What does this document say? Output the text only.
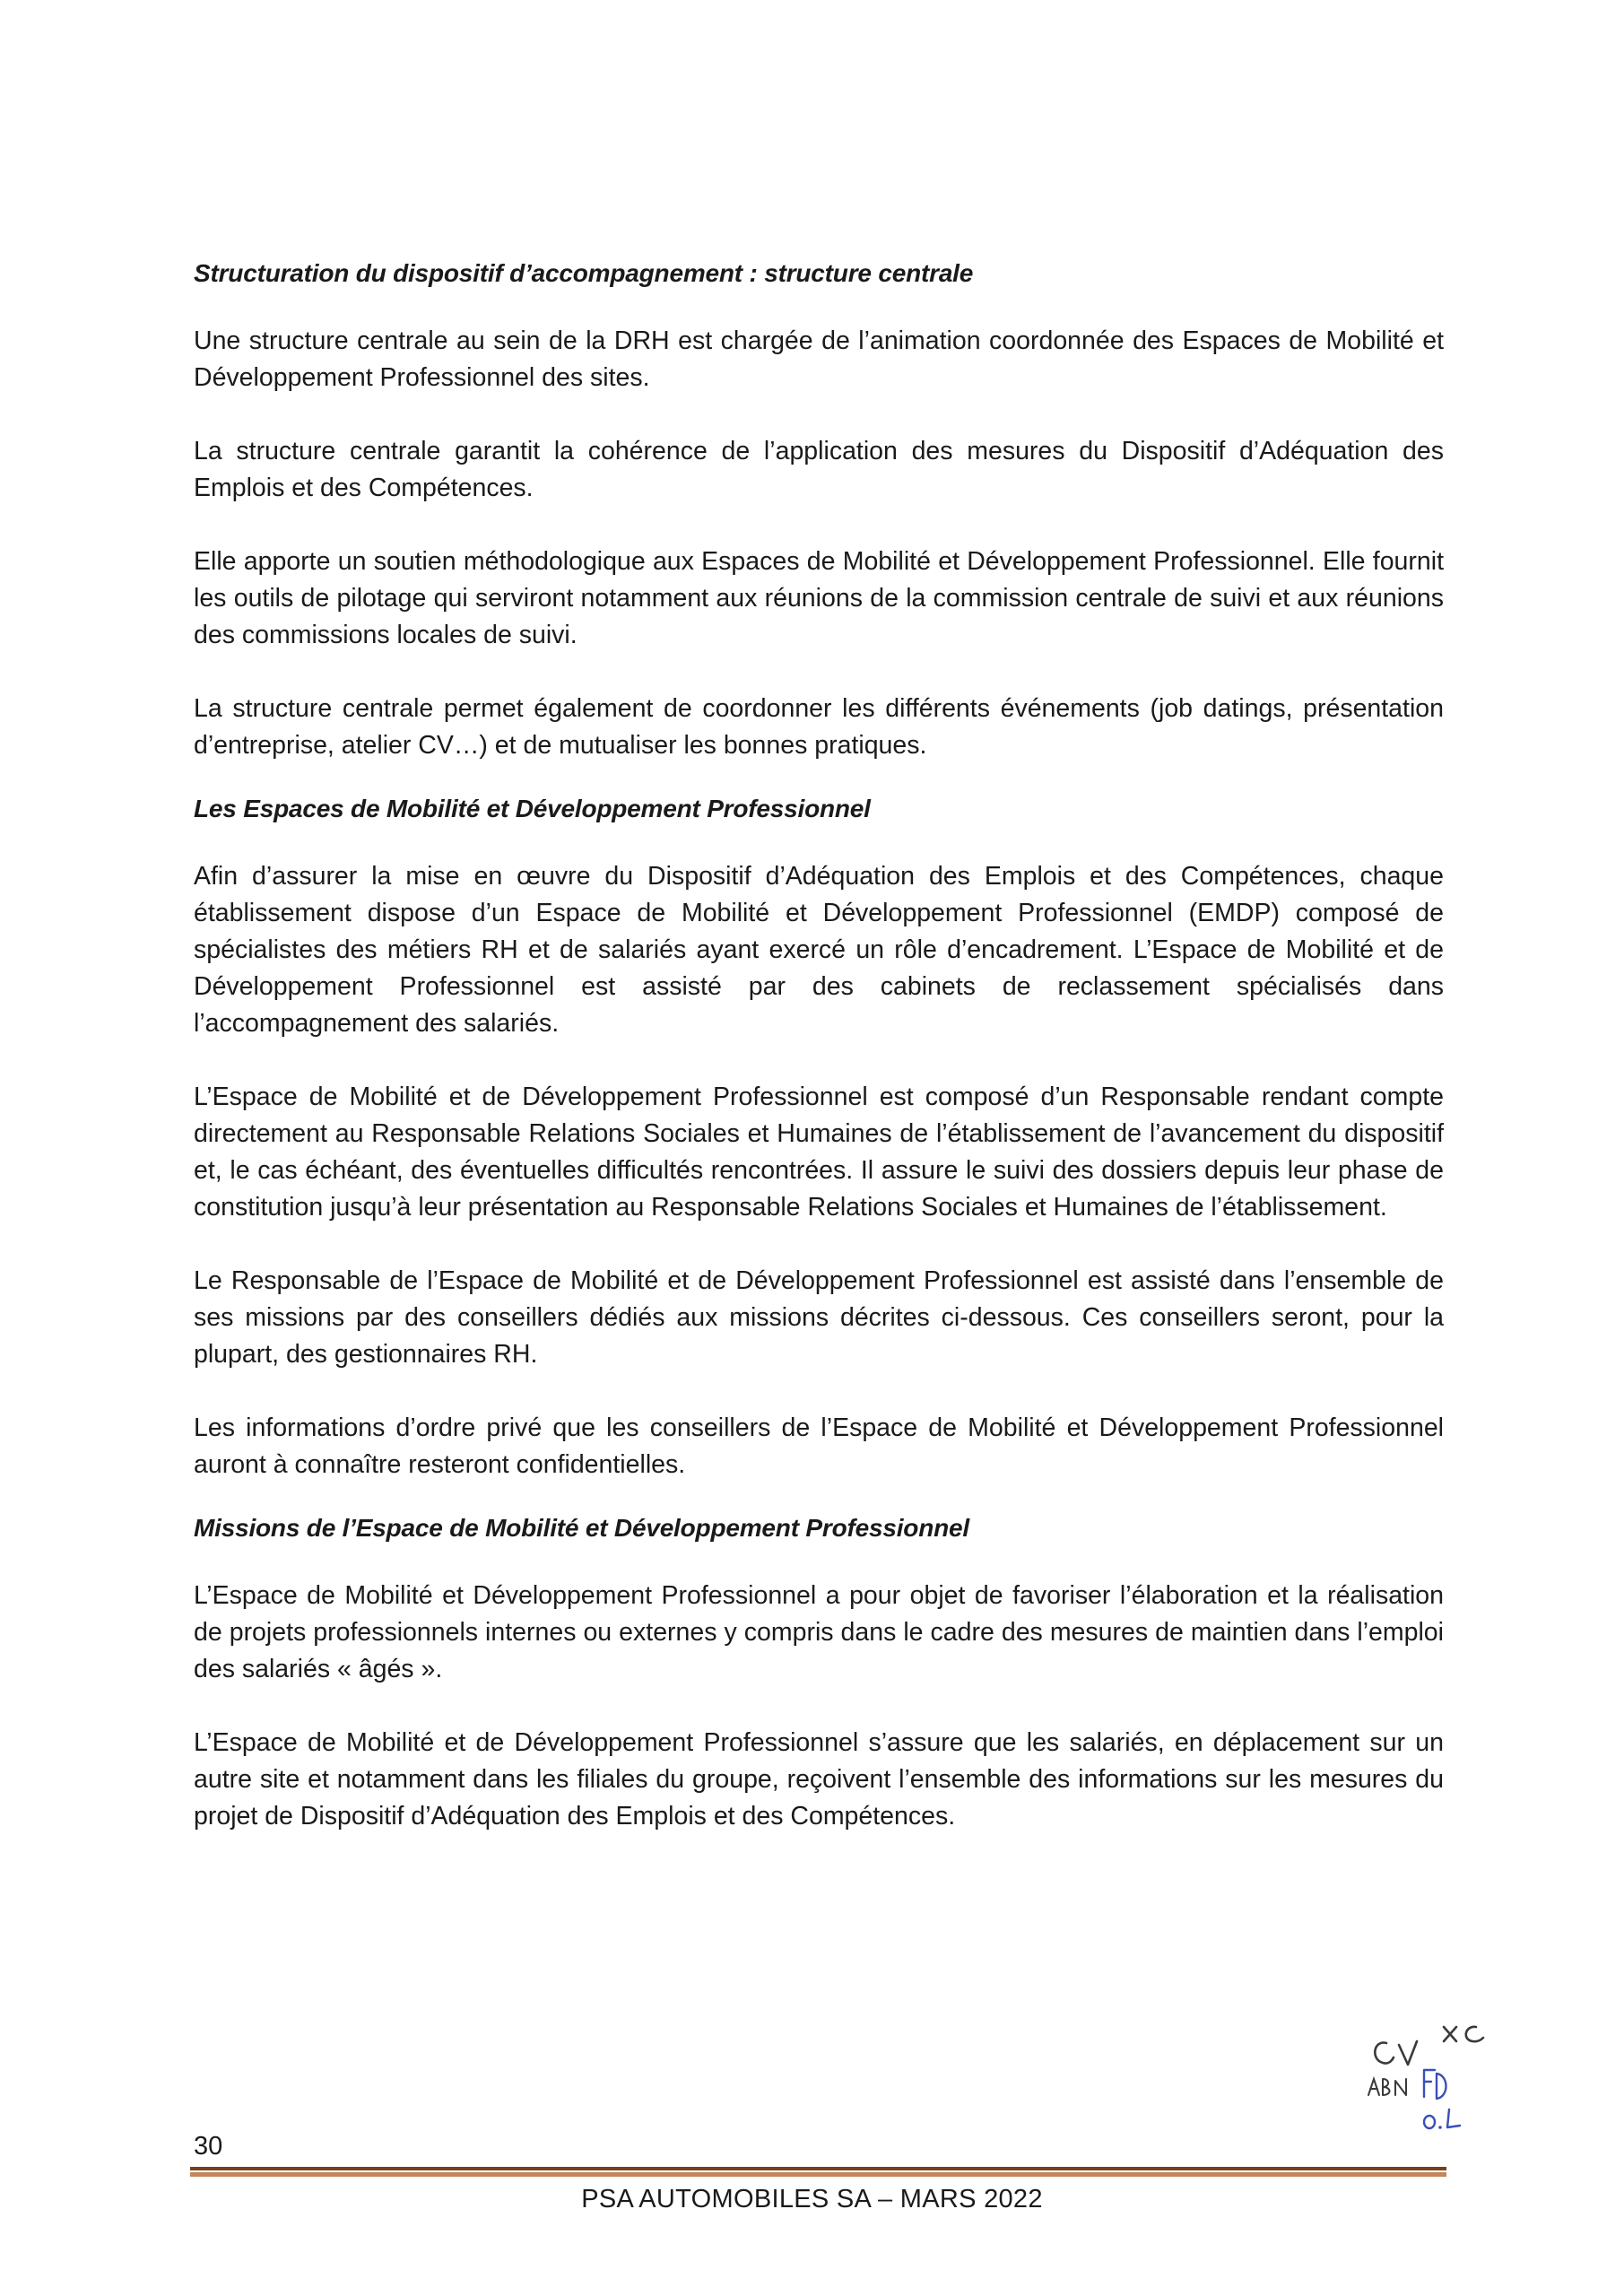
Structuration du dispositif d’accompagnement : structure centrale

Une structure centrale au sein de la DRH est chargée de l’animation coordonnée des Espaces de Mobilité et Développement Professionnel des sites.

La structure centrale garantit la cohérence de l’application des mesures du Dispositif d’Adéquation des Emplois et des Compétences.

Elle apporte un soutien méthodologique aux Espaces de Mobilité et Développement Professionnel. Elle fournit les outils de pilotage qui serviront notamment aux réunions de la commission centrale de suivi et aux réunions des commissions locales de suivi.

La structure centrale permet également de coordonner les différents événements (job datings, présentation d’entreprise, atelier CV…) et de mutualiser les bonnes pratiques.

Les Espaces de Mobilité et Développement Professionnel

Afin d’assurer la mise en œuvre du Dispositif d’Adéquation des Emplois et des Compétences, chaque établissement dispose d’un Espace de Mobilité et Développement Professionnel (EMDP) composé de spécialistes des métiers RH et de salariés ayant exercé un rôle d’encadrement. L’Espace de Mobilité et de Développement Professionnel est assisté par des cabinets de reclassement spécialisés dans l’accompagnement des salariés.

L’Espace de Mobilité et de Développement Professionnel est composé d’un Responsable rendant compte directement au Responsable Relations Sociales et Humaines de l’établissement de l’avancement du dispositif et, le cas échéant, des éventuelles difficultés rencontrées. Il assure le suivi des dossiers depuis leur phase de constitution jusqu’à leur présentation au Responsable Relations Sociales et Humaines de l’établissement.

Le Responsable de l’Espace de Mobilité et de Développement Professionnel est assisté dans l’ensemble de ses missions par des conseillers dédiés aux missions décrites ci-dessous. Ces conseillers seront, pour la plupart, des gestionnaires RH.

Les informations d’ordre privé que les conseillers de l’Espace de Mobilité et Développement Professionnel auront à connaître resteront confidentielles.

Missions de l’Espace de Mobilité et Développement Professionnel

L’Espace de Mobilité et Développement Professionnel a pour objet de favoriser l’élaboration et la réalisation de projets professionnels internes ou externes y compris dans le cadre des mesures de maintien dans l’emploi des salariés « âgés ».

L’Espace de Mobilité et de Développement Professionnel s’assure que les salariés, en déplacement sur un autre site et notamment dans les filiales du groupe, reçoivent l’ensemble des informations sur les mesures du projet de Dispositif d’Adéquation des Emplois et des Compétences.

30
PSA AUTOMOBILES SA – MARS 2022
